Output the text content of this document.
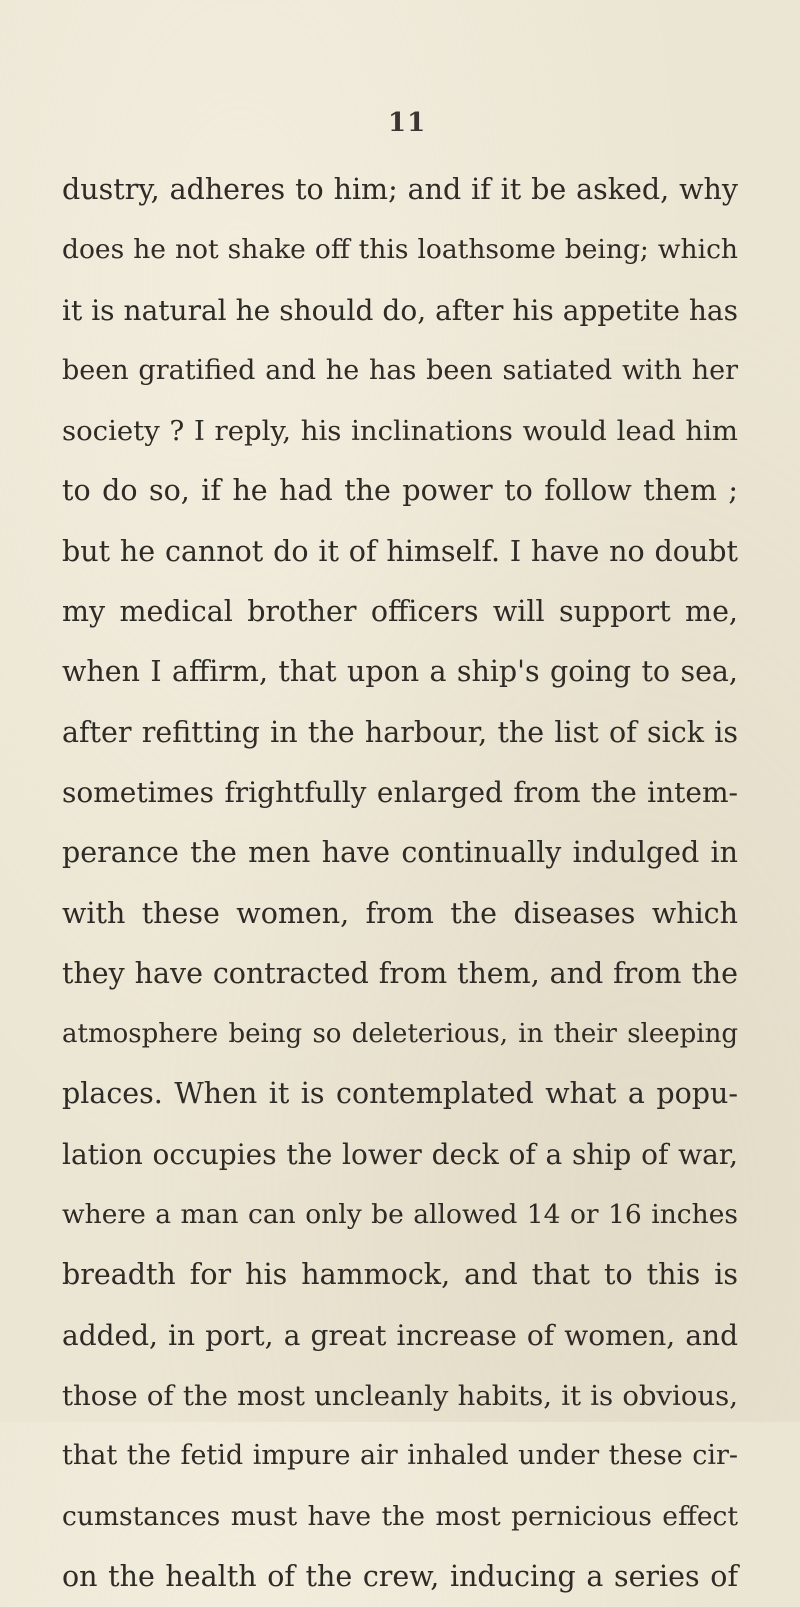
11
dustry, adheres to him; and if it be asked, why
does he not shake off this loathsome being; which
it is natural he should do, after his appetite has
been gratified and he has been satiated with her
society ? I reply, his inclinations would lead him
to do so, if he had the power to follow them ;
but he cannot do it of himself. I have no doubt
my medical brother officers will support me,
when I affirm, that upon a ship's going to sea,
after refitting in the harbour, the list of sick is
sometimes frightfully enlarged from the intem-
perance the men have continually indulged in
with these women, from the diseases which
they have contracted from them, and from the
atmosphere being so deleterious, in their sleeping
places. When it is contemplated what a popu-
lation occupies the lower deck of a ship of war,
where a man can only be allowed 14 or 16 inches
breadth for his hammock, and that to this is
added, in port, a great increase of women, and
those of the most uncleanly habits, it is obvious,
that the fetid impure air inhaled under these cir-
cumstances must have the most pernicious effect
on the health of the crew, inducing a series of
